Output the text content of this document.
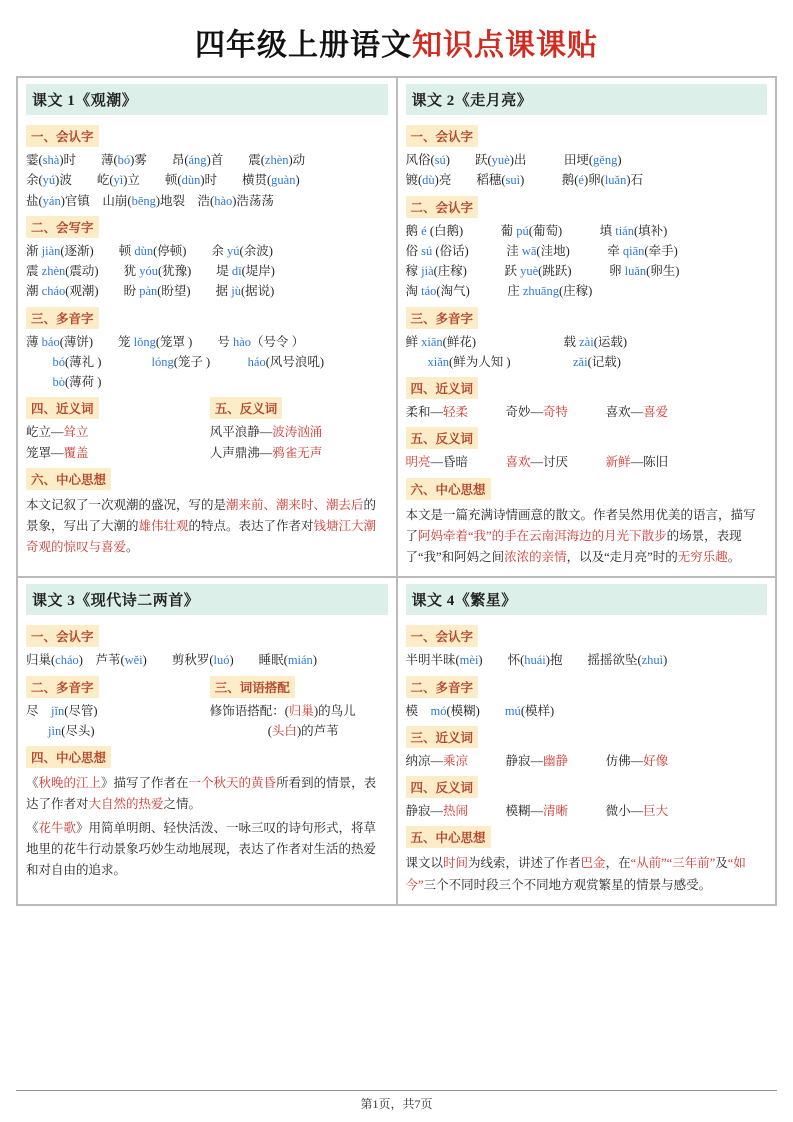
四年级上册语文知识点课课贴
课文 1《观潮》
一、会认字
霎(shà)时　　薄(bó)雾　　昂(áng)首　　震(zhèn)动
余(yú)波　　屹(yì)立　　顿(dùn)时　　横贯(guàn)
盐(yán)官镇　山崩(bēng)地裂　浩(hào)浩荡荡
二、会写字
渐 jiàn(逐渐)　　顿 dùn(停顿)　　余 yú(余波)
震 zhèn(震动)　　犹 yóu(犹豫)　　堤 dī(堤岸)
潮 cháo(观潮)　　盼 pàn(盼望)　　据 jù(据说)
三、多音字
薄 báo(薄饼)　　笼 lǒng(笼罩 )　　号 hào（号令 ）
　bó(薄礼 )　　　　lóng(笼子 )　　　háo(风号浪吼)
　bò(薄荷 )
四、近义词
屹立—耸立
笼罩—覆盖
五、反义词
风平浪静—波涛汹涌
人声鼎沸—鸦雀无声
六、中心思想
本文记叙了一次观潮的盛况，写的是潮来前、潮来时、潮去后的景象，写出了大潮的雄伟壮观的特点。表达了作者对钱塘江大潮奇观的惊叹与喜爱。
课文 2《走月亮》
一、会认字
风俗(sú)　　跃(yuè)出　　　田埂(gěng)
镀(dù)亮　　稻穗(suì)　　　鹅(é)卵(luǎn)石
二、会认字
鹅 é (白鹅)　　　葡 pú(葡萄)　　　填 tián(填补)
俗 sú (俗话)　　　洼 wā(洼地)　　　牵 qiān(牵手)
稼 jià(庄稼)　　　跃 yuè(跳跃)　　　卵 luǎn(卵生)
淘 táo(淘气)　　　庄 zhuāng(庄稼)
三、多音字
鲜 xiān(鲜花)　　　　　　　载 zài(运载)
xiǎn(鲜为人知 )　　　　　zǎi(记载)
四、近义词
柔和—轻柔　　　奇妙—奇特　　　喜欢—喜爱
五、反义词
明亮—昏暗　　　喜欢—讨厌　　　新鲜—陈旧
六、中心思想
本文是一篇充满诗情画意的散文。作者吴然用优美的语言，描写了阿妈牵着“我”的手在云南洱海边的月光下散步的场景，表现了“我”和阿妈之间浓浓的亲情，以及“走月亮”时的无穷乐趣。
课文 3《现代诗二两首》
一、会认字
归巢(cháo)　芦苇(wěi)　　剪秋罗(luó)　　睡眠(mián)
二、多音字
尽　jǐn(尽管)
jìn(尽头)
三、词语搭配
修饰语搭配：(归巢)的鸟儿
(头白)的芦苇
四、中心思想
《秋晚的江上》描写了作者在一个秋天的黄昏所看到的情景，表达了作者对大自然的热爱之情。
《花牛歌》用简单明朗、轻快活泼、一咏三叹的诗句形式，将草地里的花牛行动景象巧妙生动地展现，表达了作者对生活的热爱和对自由的追求。
课文 4《繁星》
一、会认字
半明半昧(mèi)　　怀(huái)抱　　摇摇欲坠(zhuì)
二、多音字
模　mó(模糊)　　mú(模样)
三、近义词
纳凉—乘凉　　　静寂—幽静　　　仿佛—好像
四、反义词
静寂—热闹　　　模糊—清晰　　　微小—巨大
五、中心思想
课文以时间为线索，讲述了作者巴金，在“从前”“三年前”及“如今”三个不同时段三个不同地方观赏繁星的情景与感受。
第1页，共7页
